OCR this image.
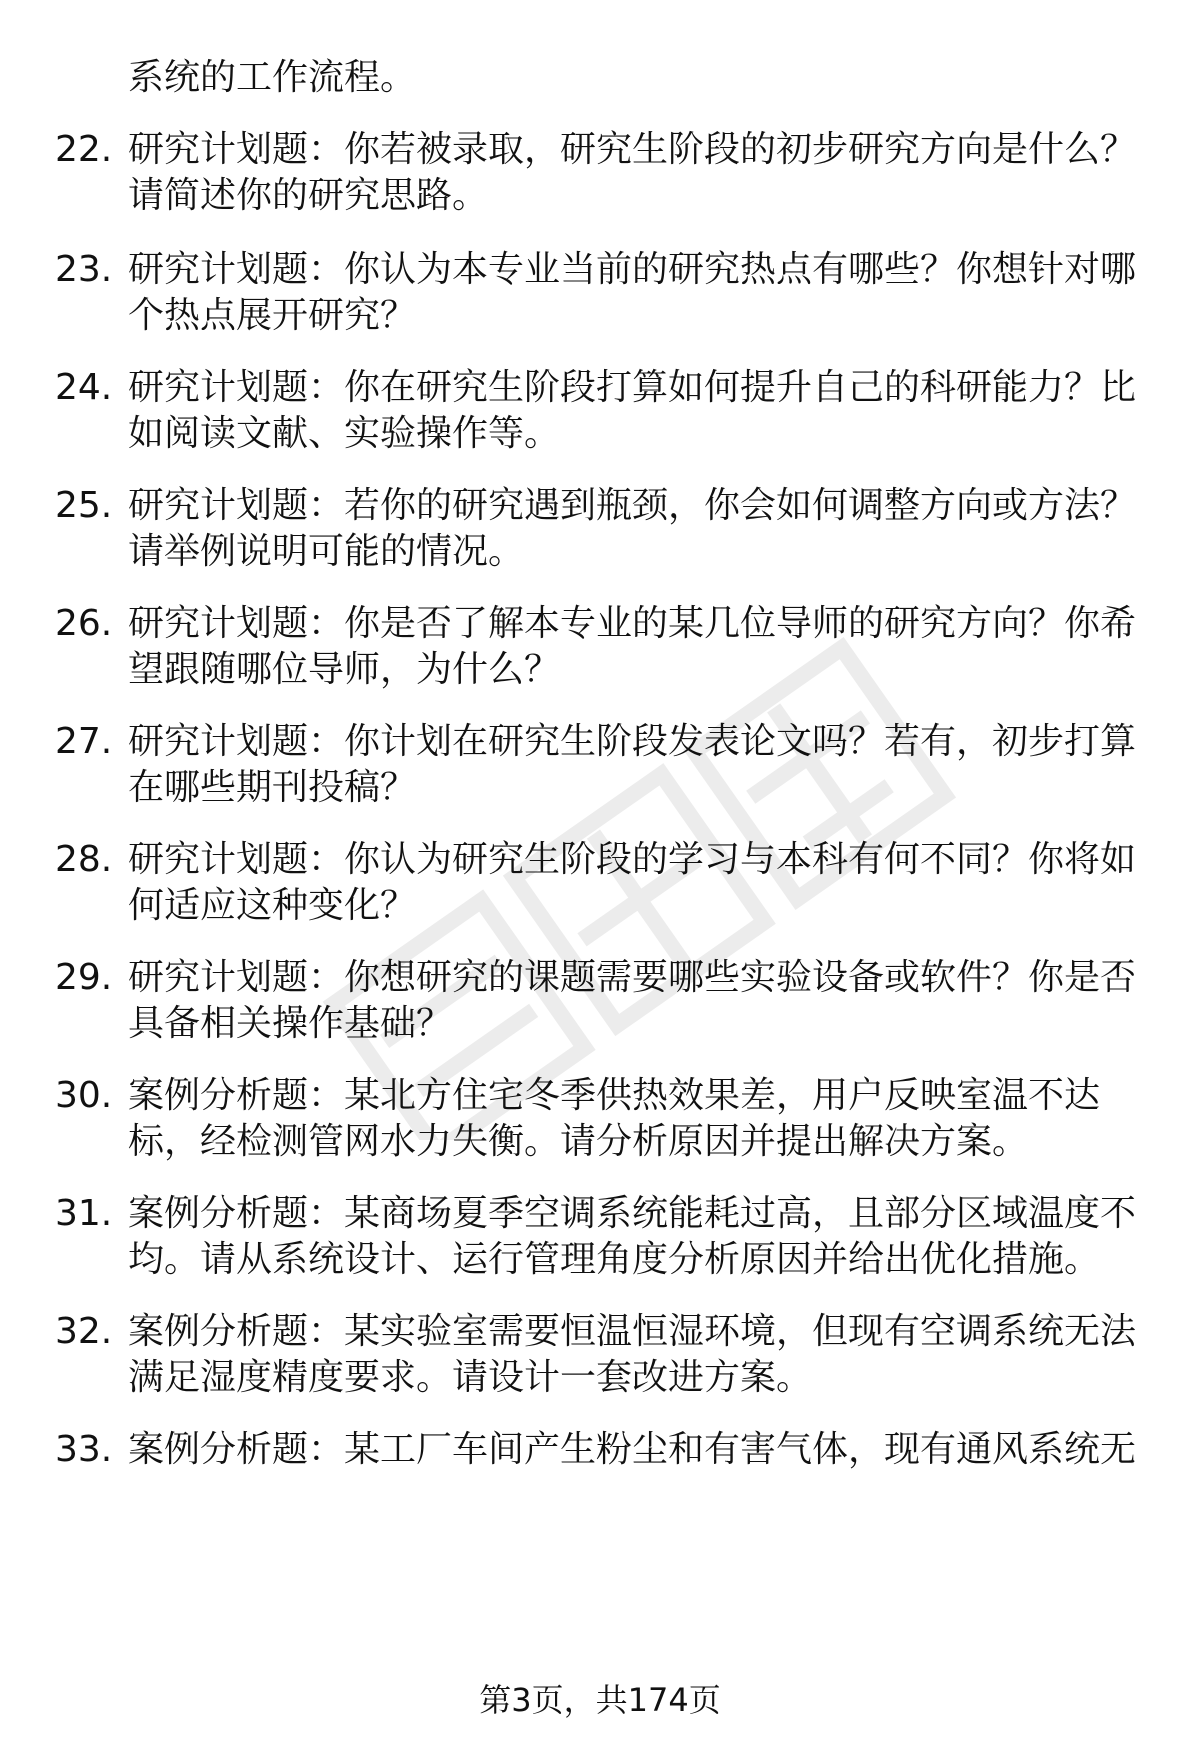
系统的工作流程。
22. 研究计划题：你若被录取，研究生阶段的初步研究方向是什么？
请简述你的研究思路。
23. 研究计划题：你认为本专业当前的研究热点有哪些？你想针对哪
个热点展开研究？
24. 研究计划题：你在研究生阶段打算如何提升自己的科研能力？比
如阅读文献、实验操作等。
25. 研究计划题：若你的研究遇到瓶颈，你会如何调整方向或方法？
请举例说明可能的情况。
26. 研究计划题：你是否了解本专业的某几位导师的研究方向？你希
望跟随哪位导师，为什么？
27. 研究计划题：你计划在研究生阶段发表论文吗？若有，初步打算
在哪些期刊投稿？
28. 研究计划题：你认为研究生阶段的学习与本科有何不同？你将如
何适应这种变化？
29. 研究计划题：你想研究的课题需要哪些实验设备或软件？你是否
具备相关操作基础？
30. 案例分析题：某北方住宅冬季供热效果差，用户反映室温不达
标，经检测管网水力失衡。请分析原因并提出解决方案。
31. 案例分析题：某商场夏季空调系统能耗过高，且部分区域温度不
均。请从系统设计、运行管理角度分析原因并给出优化措施。
32. 案例分析题：某实验室需要恒温恒湿环境，但现有空调系统无法
满足湿度精度要求。请设计一套改进方案。
33. 案例分析题：某工厂车间产生粉尘和有害气体，现有通风系统无
第3页，共174页
